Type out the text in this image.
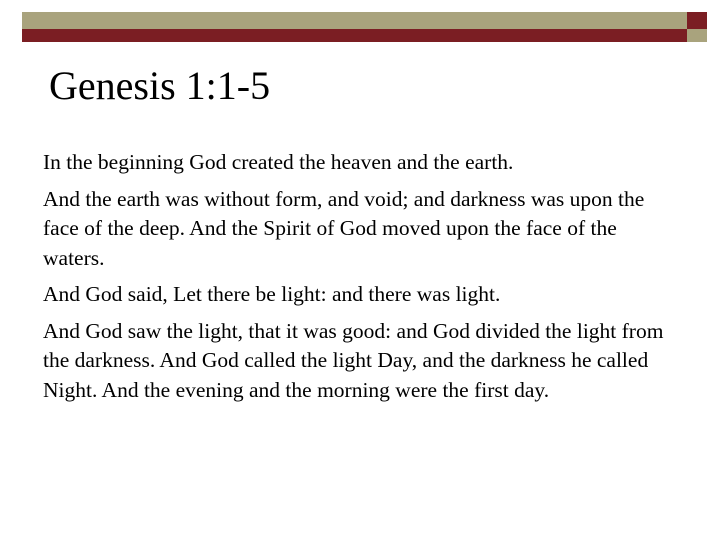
Genesis 1:1-5
In the beginning God created the heaven and the earth.
And the earth was without form, and void; and darkness was upon the face of the deep. And the Spirit of God moved upon the face of the waters.
And God said, Let there be light: and there was light.
And God saw the light, that it was good: and God divided the light from the darkness. And God called the light Day, and the darkness he called Night. And the evening and the morning were the first day.
